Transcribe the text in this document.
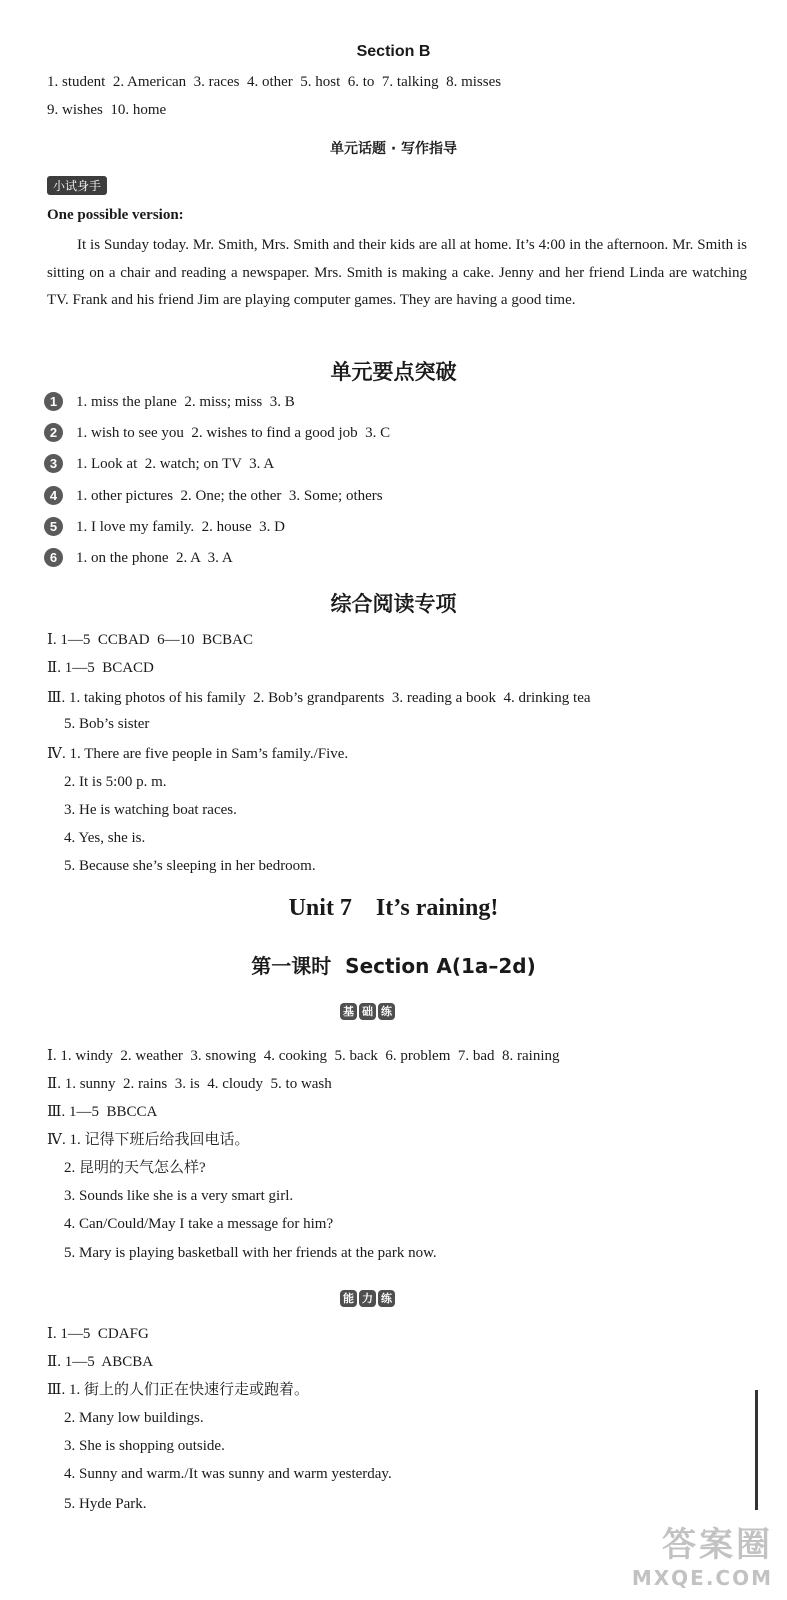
Section B
1. student  2. American  3. races  4. other  5. host  6. to  7. talking  8. misses
9. wishes  10. home
单元话题 · 写作指导
小试身手
One possible version:
It is Sunday today. Mr. Smith, Mrs. Smith and their kids are all at home. It’s 4:00 in the afternoon. Mr. Smith is sitting on a chair and reading a newspaper. Mrs. Smith is making a cake. Jenny and her friend Linda are watching TV. Frank and his friend Jim are playing computer games. They are having a good time.
单元要点突破
1	1. miss the plane  2. miss; miss  3. B
2	1. wish to see you  2. wishes to find a good job  3. C
3	1. Look at  2. watch; on TV  3. A
4	1. other pictures  2. One; the other  3. Some; others
5	1. I love my family.  2. house  3. D
6	1. on the phone  2. A  3. A
综合阅读专项
Ⅰ. 1—5  CCBAD  6—10  BCBAC
Ⅱ. 1—5  BCACD
Ⅲ. 1. taking photos of his family  2. Bob’s grandparents  3. reading a book  4. drinking tea
5. Bob’s sister
Ⅳ. 1. There are five people in Sam’s family./Five.
2. It is 5:00 p. m.
3. He is watching boat races.
4. Yes, she is.
5. Because she’s sleeping in her bedroom.
Unit 7    It’s raining!
第一课时  Section A(1a–2d)
基 础 练
Ⅰ. 1. windy  2. weather  3. snowing  4. cooking  5. back  6. problem  7. bad  8. raining
Ⅱ. 1. sunny  2. rains  3. is  4. cloudy  5. to wash
Ⅲ. 1—5  BBCCA
Ⅳ. 1. 记得下班后给我回电话。
2. 昆明的天气怎么样?
3. Sounds like she is a very smart girl.
4. Can/Could/May I take a message for him?
5. Mary is playing basketball with her friends at the park now.
能 力 练
Ⅰ. 1—5  CDAFG
Ⅱ. 1—5  ABCBA
Ⅲ. 1. 街上的人们正在快速行走或跑着。
2. Many low buildings.
3. She is shopping outside.
4. Sunny and warm./It was sunny and warm yesterday.
5. Hyde Park.
答案圈
MXQE.COM
